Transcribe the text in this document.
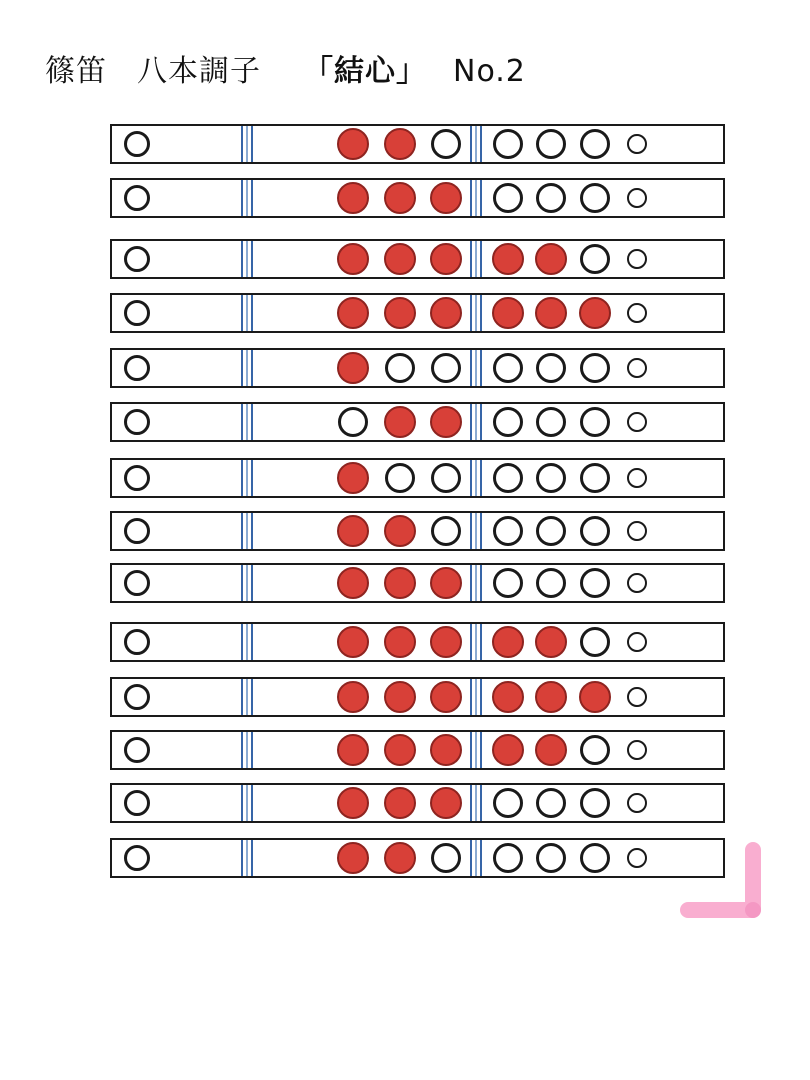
篠笛 八本調子 「結心」 No.2
